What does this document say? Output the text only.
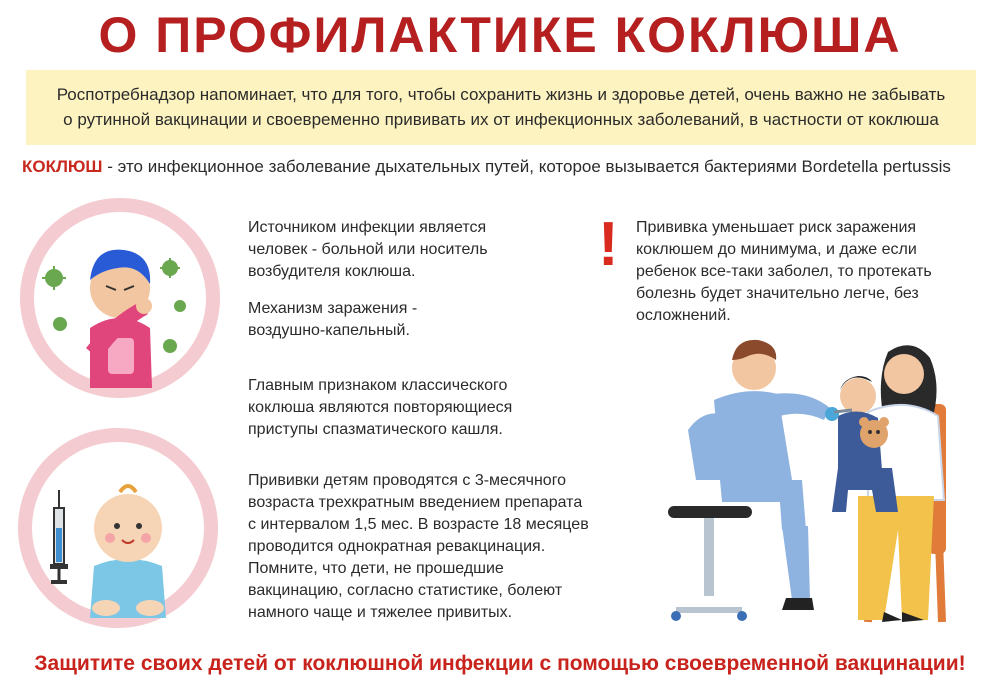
О ПРОФИЛАКТИКЕ КОКЛЮША
Роспотребнадзор напоминает, что для того, чтобы сохранить жизнь и здоровье детей, очень важно не забывать
о рутинной вакцинации и своевременно прививать их от инфекционных заболеваний, в частности от коклюша
КОКЛЮШ - это инфекционное заболевание дыхательных путей, которое вызывается бактериями Bordetella pertussis
Источником инфекции является
человек - больной или носитель
возбудителя коклюша.
Механизм заражения -
воздушно-капельный.
Главным признаком классического
коклюша являются повторяющиеся
приступы спазматического кашля.
Прививки детям проводятся с 3-месячного
возраста трехкратным введением препарата
с интервалом 1,5 мес. В возрасте 18 месяцев
проводится однократная ревакцинация.
Помните, что дети, не прошедшие
вакцинацию, согласно статистике, болеют
намного чаще и тяжелее привитых.
! Прививка уменьшает риск заражения
коклюшем до минимума, и даже если
ребенок все-таки заболел, то протекать
болезнь будет значительно легче, без
осложнений.
Защитите своих детей от коклюшной инфекции с помощью своевременной вакцинации!
